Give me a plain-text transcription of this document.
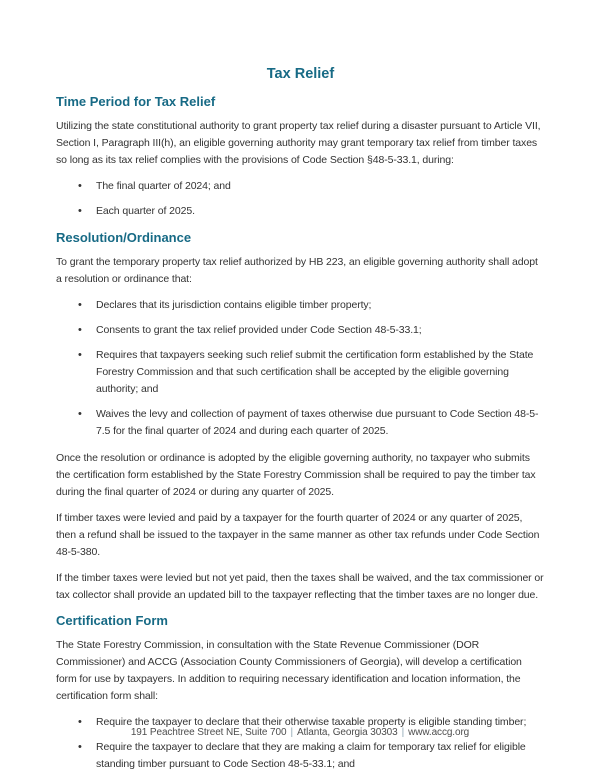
Tax Relief
Time Period for Tax Relief

Utilizing the state constitutional authority to grant property tax relief during a disaster pursuant to Article VII, Section I, Paragraph III(h), an eligible governing authority may grant temporary tax relief from timber taxes so long as its tax relief complies with the provisions of Code Section §48-5-33.1, during:

• The final quarter of 2024; and
• Each quarter of 2025.
Resolution/Ordinance

To grant the temporary property tax relief authorized by HB 223, an eligible governing authority shall adopt a resolution or ordinance that:

• Declares that its jurisdiction contains eligible timber property;
• Consents to grant the tax relief provided under Code Section 48-5-33.1;
• Requires that taxpayers seeking such relief submit the certification form established by the State Forestry Commission and that such certification shall be accepted by the eligible governing authority; and
• Waives the levy and collection of payment of taxes otherwise due pursuant to Code Section 48-5-7.5 for the final quarter of 2024 and during each quarter of 2025.

Once the resolution or ordinance is adopted by the eligible governing authority, no taxpayer who submits the certification form established by the State Forestry Commission shall be required to pay the timber tax during the final quarter of 2024 or during any quarter of 2025.

If timber taxes were levied and paid by a taxpayer for the fourth quarter of 2024 or any quarter of 2025, then a refund shall be issued to the taxpayer in the same manner as other tax refunds under Code Section 48-5-380.

If the timber taxes were levied but not yet paid, then the taxes shall be waived, and the tax commissioner or tax collector shall provide an updated bill to the taxpayer reflecting that the timber taxes are no longer due.

Certification Form

The State Forestry Commission, in consultation with the State Revenue Commissioner (DOR Commissioner) and ACCG (Association County Commissioners of Georgia), will develop a certification form for use by taxpayers. In addition to requiring necessary identification and location information, the certification form shall:

• Require the taxpayer to declare that their otherwise taxable property is eligible standing timber;
• Require the taxpayer to declare that they are making a claim for temporary tax relief for eligible standing timber pursuant to Code Section 48-5-33.1; and
191 Peachtree Street NE, Suite 700 | Atlanta, Georgia 30303 | www.accg.org
